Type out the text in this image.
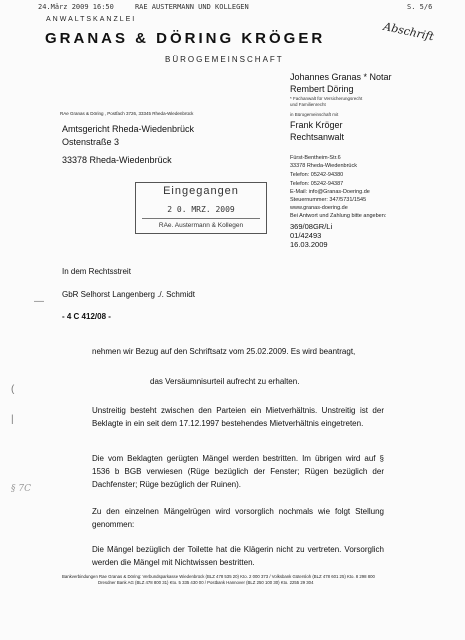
24.März 2009 16:50	RAE AUSTERMANN UND KOLLEGEN	S. 5/6
ANWALTSKANZLEI
GRANAS & DÖRING KRÖGER
BÜROGEMEINSCHAFT
Abschrift
Johannes Granas * Notar
Rembert Döring
* Fachanwalt für Versicherungsrecht
und Familienrecht
in Bürogemeinschaft mit
Frank Kröger
Rechtsanwalt
RAe Granas & Döring , Postfach 3726, 33345 Rheda-Wiedenbrück
Amtsgericht Rheda-Wiedenbrück
Ostenstraße 3
33378 Rheda-Wiedenbrück	Fürst-Bentheim-Str.6
33378 Rheda-Wiedenbrück
Telefon: 05242-94380
Telefon: 05242-94387
E-Mail: info@Granas-Doering.de
Steuernummer: 347/5731/1545
www.granas-doering.de
Bei Antwort und Zahlung bitte angeben:
369/08GR/Li
01/42493
16.03.2009
Eingegangen
2 0. MRZ. 2009
RAe. Austermann & Kollegen
In dem Rechtsstreit
GbR Selhorst Langenberg ./. Schmidt
- 4 C 412/08 -
nehmen wir Bezug auf den Schriftsatz vom 25.02.2009. Es wird beantragt,
das Versäumnisurteil aufrecht zu erhalten.
Unstreitig besteht zwischen den Parteien ein Mietverhältnis. Unstreitig ist der Beklagte in ein seit dem 17.12.1997 bestehendes Mietverhältnis eingetreten.
Die vom Beklagten gerügten Mängel werden bestritten. Im übrigen wird auf § 1536 b BGB verwiesen (Rüge bezüglich der Fenster; Rügen bezüglich der Dachfenster; Rüge bezüglich der Ruinen).
Zu den einzelnen Mängelrügen wird vorsorglich nochmals wie folgt Stellung genommen:
Die Mängel bezüglich der Toilette hat die Klägerin nicht zu vertreten. Vorsorglich werden die Mängel mit Nichtwissen bestritten.
(
—
|
§ 7C
Bankverbindungen Rae Granas & Döring: Verbundsparkasse Wiedenbrück (BLZ 478 535 20) Kto. 2 000 373 / Volksbank Gütersloh (BLZ 478 601 25) Kto. 8 298 800
Dresdner Bank AG (BLZ 478 800 31) Kto. 5 335 430 00 / Postbank Hannover (BLZ 250 100 30) Kto. 2255 29 304
